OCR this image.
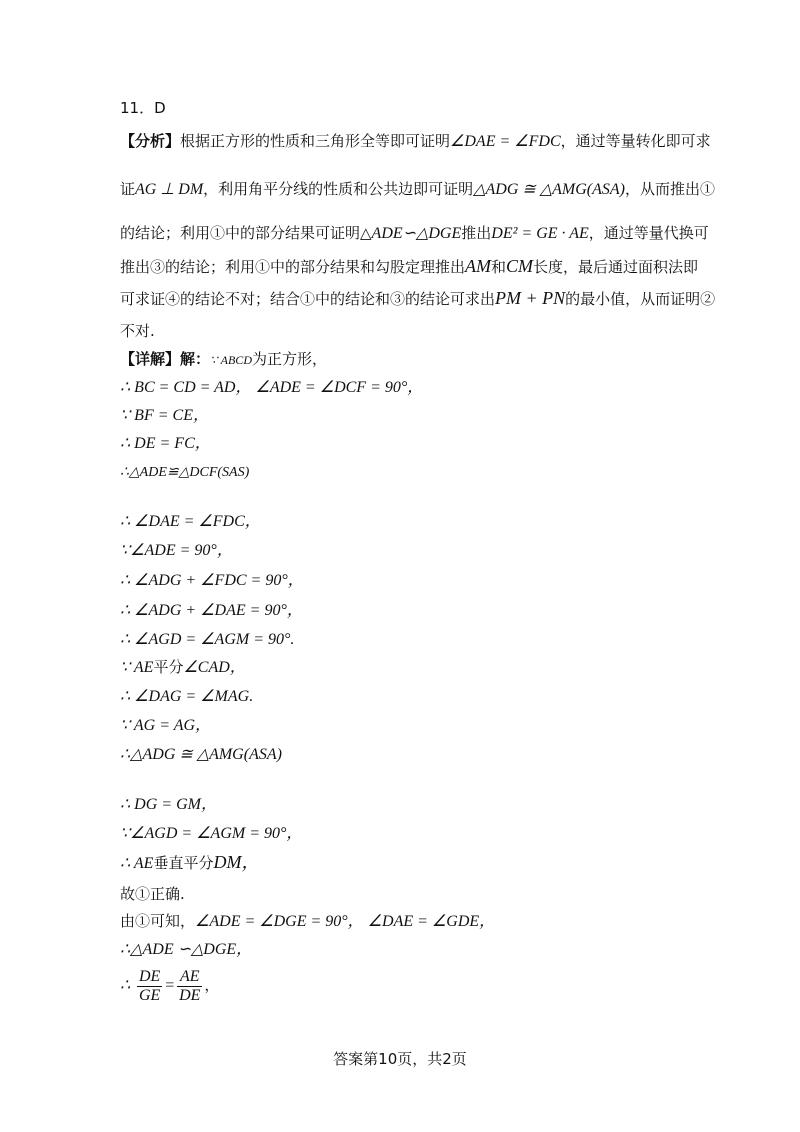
11．D
【分析】根据正方形的性质和三角形全等即可证明∠DAE = ∠FDC，通过等量转化即可求
证AG ⊥ DM，利用角平分线的性质和公共边即可证明△ADG ≅ △AMG(ASA)，从而推出①
的结论；利用①中的部分结果可证明△ADE∽△DGE推出DE² = GE · AE，通过等量代换可
推出③的结论；利用①中的部分结果和勾股定理推出AM和CM长度，最后通过面积法即
可求证④的结论不对；结合①中的结论和③的结论可求出PM + PN的最小值，从而证明②
不对.
【详解】解：∵ ABCD为正方形，
∴ BC = CD = AD， ∠ADE = ∠DCF = 90°，
∵ BF = CE，
∴ DE = FC，
∴△ADE≌△DCF(SAS)
∴ ∠DAE = ∠FDC，
∵∠ADE = 90°，
∴ ∠ADG + ∠FDC = 90°，
∴ ∠ADG + ∠DAE = 90°，
∴ ∠AGD = ∠AGM = 90°.
∵ AE平分∠CAD，
∴ ∠DAG = ∠MAG.
∵ AG = AG，
∴△ADG ≅ △AMG(ASA)
∴ DG = GM，
∵∠AGD = ∠AGM = 90°，
∴ AE垂直平分DM，
故①正确.
由①可知，∠ADE = ∠DGE = 90°， ∠DAE = ∠GDE，
∴△ADE ∽△DGE，
∴ $\frac{DE}{GE} = \frac{AE}{DE}$ ，
答案第10页，共2页
